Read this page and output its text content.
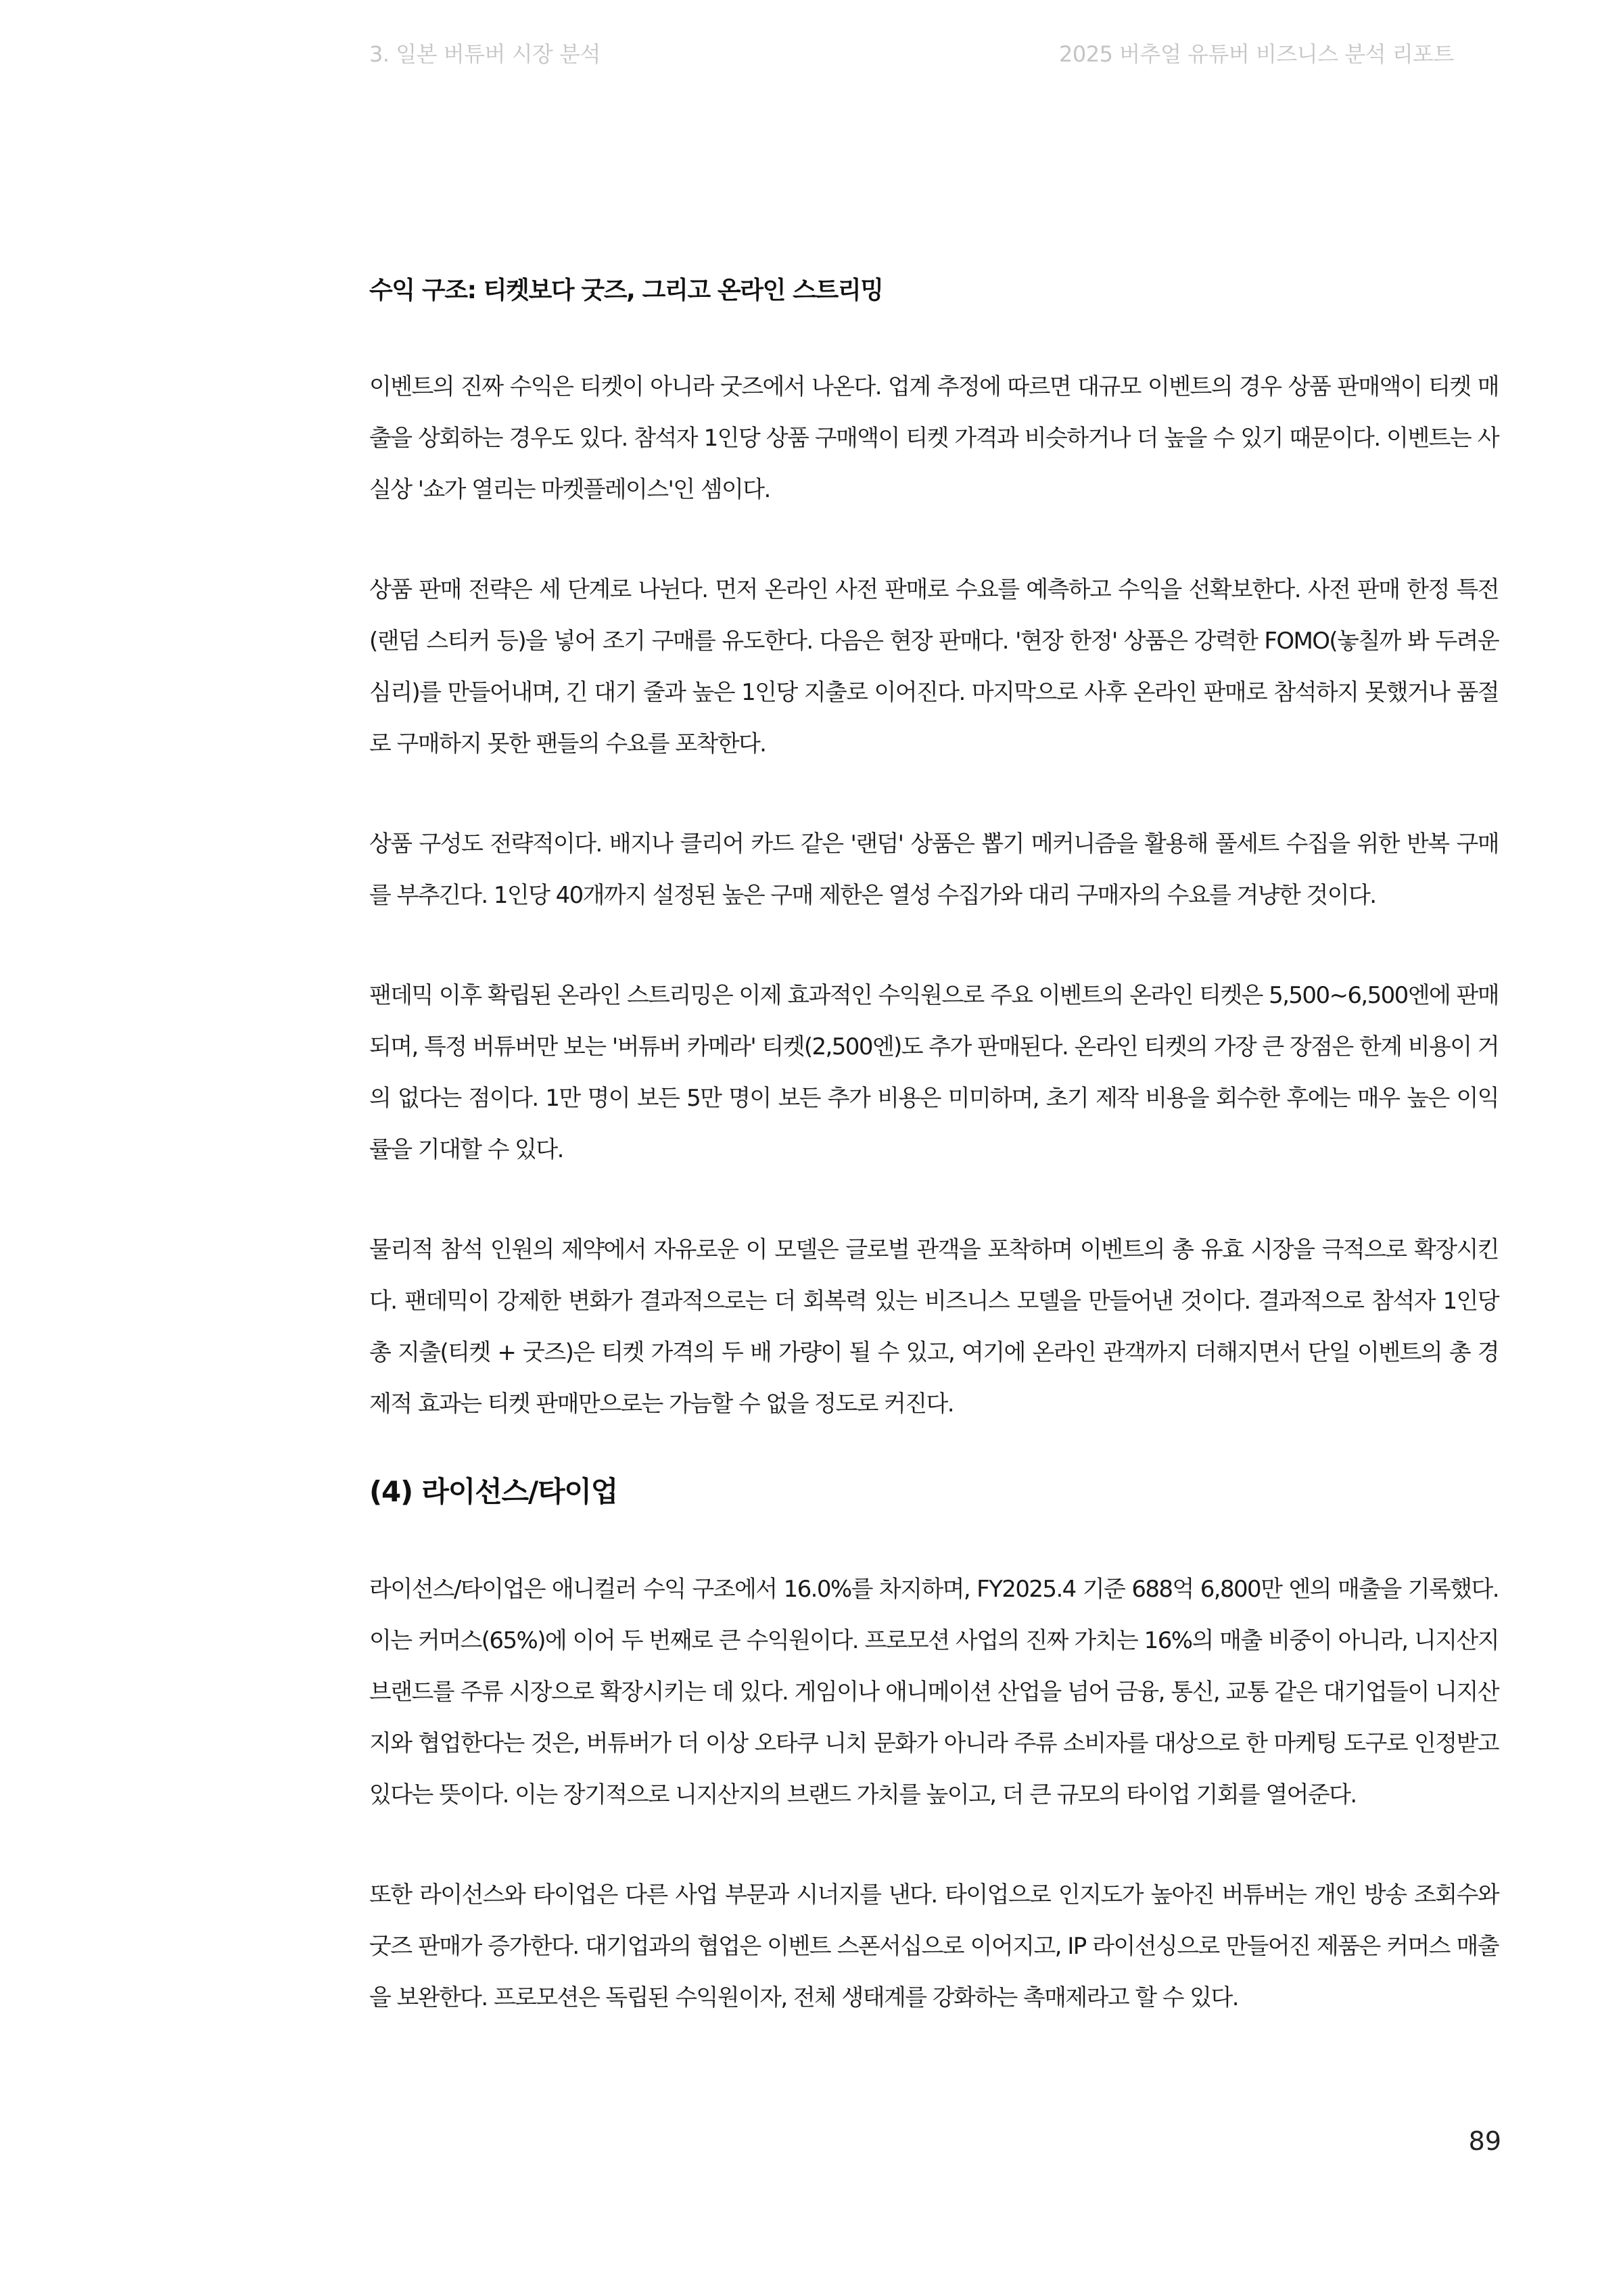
3. 일본 버튜버 시장 분석	2025 버추얼 유튜버 비즈니스 분석 리포트
수익 구조: 티켓보다 굿즈, 그리고 온라인 스트리밍

이벤트의 진짜 수익은 티켓이 아니라 굿즈에서 나온다. 업계 추정에 따르면 대규모 이벤트의 경우 상품 판매액이 티켓 매출을 상회하는 경우도 있다. 참석자 1인당 상품 구매액이 티켓 가격과 비슷하거나 더 높을 수 있기 때문이다. 이벤트는 사실상 '쇼가 열리는 마켓플레이스'인 셈이다.

상품 판매 전략은 세 단계로 나뉜다. 먼저 온라인 사전 판매로 수요를 예측하고 수익을 선확보한다. 사전 판매 한정 특전(랜덤 스티커 등)을 넣어 조기 구매를 유도한다. 다음은 현장 판매다. '현장 한정' 상품은 강력한 FOMO(놓칠까 봐 두려운 심리)를 만들어내며, 긴 대기 줄과 높은 1인당 지출로 이어진다. 마지막으로 사후 온라인 판매로 참석하지 못했거나 품절로 구매하지 못한 팬들의 수요를 포착한다.

상품 구성도 전략적이다. 배지나 클리어 카드 같은 '랜덤' 상품은 뽑기 메커니즘을 활용해 풀세트 수집을 위한 반복 구매를 부추긴다. 1인당 40개까지 설정된 높은 구매 제한은 열성 수집가와 대리 구매자의 수요를 겨냥한 것이다.

팬데믹 이후 확립된 온라인 스트리밍은 이제 효과적인 수익원으로 주요 이벤트의 온라인 티켓은 5,500~6,500엔에 판매되며, 특정 버튜버만 보는 '버튜버 카메라' 티켓(2,500엔)도 추가 판매된다. 온라인 티켓의 가장 큰 장점은 한계 비용이 거의 없다는 점이다. 1만 명이 보든 5만 명이 보든 추가 비용은 미미하며, 초기 제작 비용을 회수한 후에는 매우 높은 이익률을 기대할 수 있다.

물리적 참석 인원의 제약에서 자유로운 이 모델은 글로벌 관객을 포착하며 이벤트의 총 유효 시장을 극적으로 확장시킨다. 팬데믹이 강제한 변화가 결과적으로는 더 회복력 있는 비즈니스 모델을 만들어낸 것이다. 결과적으로 참석자 1인당 총 지출(티켓 + 굿즈)은 티켓 가격의 두 배 가량이 될 수 있고, 여기에 온라인 관객까지 더해지면서 단일 이벤트의 총 경제적 효과는 티켓 판매만으로는 가늠할 수 없을 정도로 커진다.

(4) 라이선스/타이업

라이선스/타이업은 애니컬러 수익 구조에서 16.0%를 차지하며, FY2025.4 기준 688억 6,800만 엔의 매출을 기록했다. 이는 커머스(65%)에 이어 두 번째로 큰 수익원이다. 프로모션 사업의 진짜 가치는 16%의 매출 비중이 아니라, 니지산지 브랜드를 주류 시장으로 확장시키는 데 있다. 게임이나 애니메이션 산업을 넘어 금융, 통신, 교통 같은 대기업들이 니지산지와 협업한다는 것은, 버튜버가 더 이상 오타쿠 니치 문화가 아니라 주류 소비자를 대상으로 한 마케팅 도구로 인정받고 있다는 뜻이다. 이는 장기적으로 니지산지의 브랜드 가치를 높이고, 더 큰 규모의 타이업 기회를 열어준다.

또한 라이선스와 타이업은 다른 사업 부문과 시너지를 낸다. 타이업으로 인지도가 높아진 버튜버는 개인 방송 조회수와 굿즈 판매가 증가한다. 대기업과의 협업은 이벤트 스폰서십으로 이어지고, IP 라이선싱으로 만들어진 제품은 커머스 매출을 보완한다. 프로모션은 독립된 수익원이자, 전체 생태계를 강화하는 촉매제라고 할 수 있다.

89
